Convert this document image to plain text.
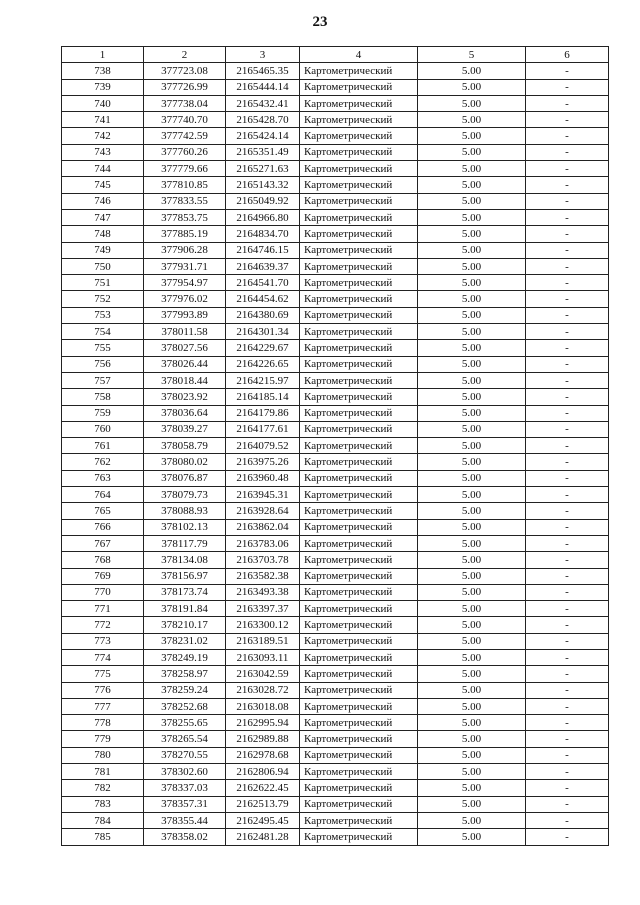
23
1	2	3	4	5	6
738	377723.08	2165465.35	Картометрический	5.00	-
739	377726.99	2165444.14	Картометрический	5.00	-
740	377738.04	2165432.41	Картометрический	5.00	-
741	377740.70	2165428.70	Картометрический	5.00	-
742	377742.59	2165424.14	Картометрический	5.00	-
743	377760.26	2165351.49	Картометрический	5.00	-
744	377779.66	2165271.63	Картометрический	5.00	-
745	377810.85	2165143.32	Картометрический	5.00	-
746	377833.55	2165049.92	Картометрический	5.00	-
747	377853.75	2164966.80	Картометрический	5.00	-
748	377885.19	2164834.70	Картометрический	5.00	-
749	377906.28	2164746.15	Картометрический	5.00	-
750	377931.71	2164639.37	Картометрический	5.00	-
751	377954.97	2164541.70	Картометрический	5.00	-
752	377976.02	2164454.62	Картометрический	5.00	-
753	377993.89	2164380.69	Картометрический	5.00	-
754	378011.58	2164301.34	Картометрический	5.00	-
755	378027.56	2164229.67	Картометрический	5.00	-
756	378026.44	2164226.65	Картометрический	5.00	-
757	378018.44	2164215.97	Картометрический	5.00	-
758	378023.92	2164185.14	Картометрический	5.00	-
759	378036.64	2164179.86	Картометрический	5.00	-
760	378039.27	2164177.61	Картометрический	5.00	-
761	378058.79	2164079.52	Картометрический	5.00	-
762	378080.02	2163975.26	Картометрический	5.00	-
763	378076.87	2163960.48	Картометрический	5.00	-
764	378079.73	2163945.31	Картометрический	5.00	-
765	378088.93	2163928.64	Картометрический	5.00	-
766	378102.13	2163862.04	Картометрический	5.00	-
767	378117.79	2163783.06	Картометрический	5.00	-
768	378134.08	2163703.78	Картометрический	5.00	-
769	378156.97	2163582.38	Картометрический	5.00	-
770	378173.74	2163493.38	Картометрический	5.00	-
771	378191.84	2163397.37	Картометрический	5.00	-
772	378210.17	2163300.12	Картометрический	5.00	-
773	378231.02	2163189.51	Картометрический	5.00	-
774	378249.19	2163093.11	Картометрический	5.00	-
775	378258.97	2163042.59	Картометрический	5.00	-
776	378259.24	2163028.72	Картометрический	5.00	-
777	378252.68	2163018.08	Картометрический	5.00	-
778	378255.65	2162995.94	Картометрический	5.00	-
779	378265.54	2162989.88	Картометрический	5.00	-
780	378270.55	2162978.68	Картометрический	5.00	-
781	378302.60	2162806.94	Картометрический	5.00	-
782	378337.03	2162622.45	Картометрический	5.00	-
783	378357.31	2162513.79	Картометрический	5.00	-
784	378355.44	2162495.45	Картометрический	5.00	-
785	378358.02	2162481.28	Картометрический	5.00	-
